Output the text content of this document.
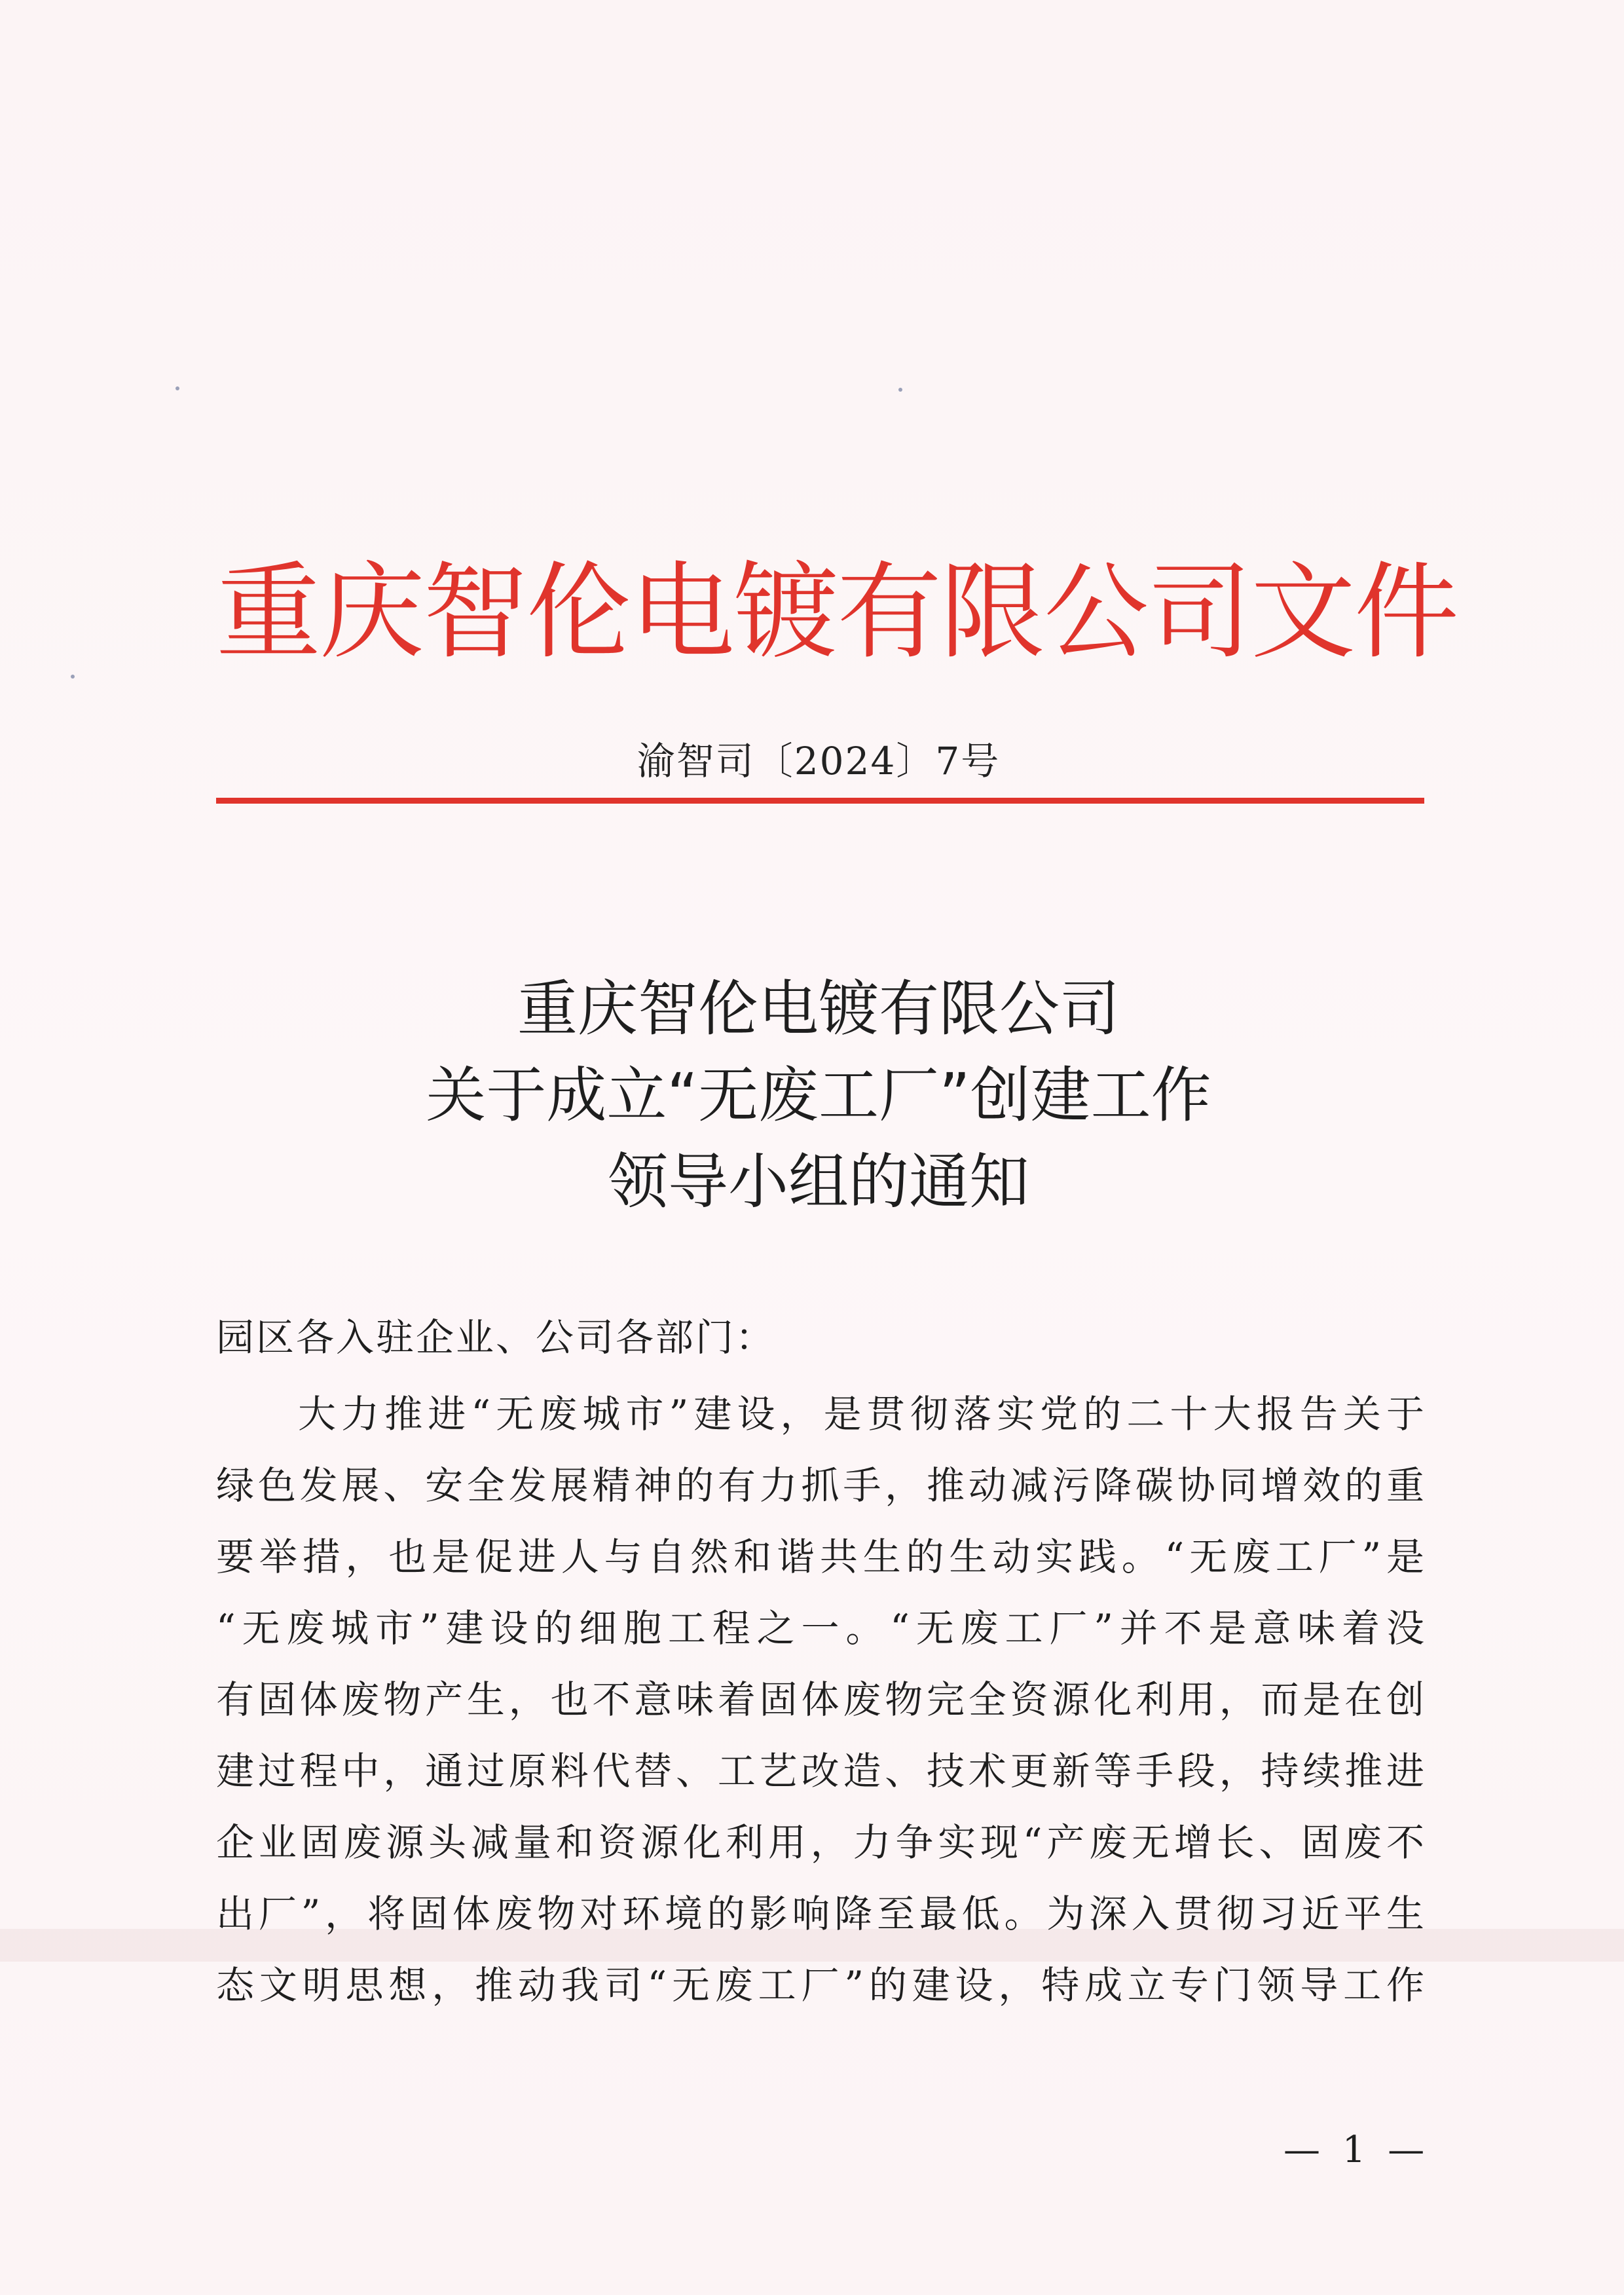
重庆智伦电镀有限公司文件
渝智司〔2024〕7号
重庆智伦电镀有限公司
关于成立“无废工厂”创建工作
领导小组的通知
园区各入驻企业、公司各部门：
大力推进“无废城市”建设，是贯彻落实党的二十大报告关于
绿色发展、安全发展精神的有力抓手，推动减污降碳协同增效的重
要举措，也是促进人与自然和谐共生的生动实践。“无废工厂”是
“无废城市”建设的细胞工程之一。“无废工厂”并不是意味着没
有固体废物产生，也不意味着固体废物完全资源化利用，而是在创
建过程中，通过原料代替、工艺改造、技术更新等手段，持续推进
企业固废源头减量和资源化利用，力争实现“产废无增长、固废不
出厂”，将固体废物对环境的影响降至最低。为深入贯彻习近平生
态文明思想，推动我司“无废工厂”的建设，特成立专门领导工作
— 1 —
